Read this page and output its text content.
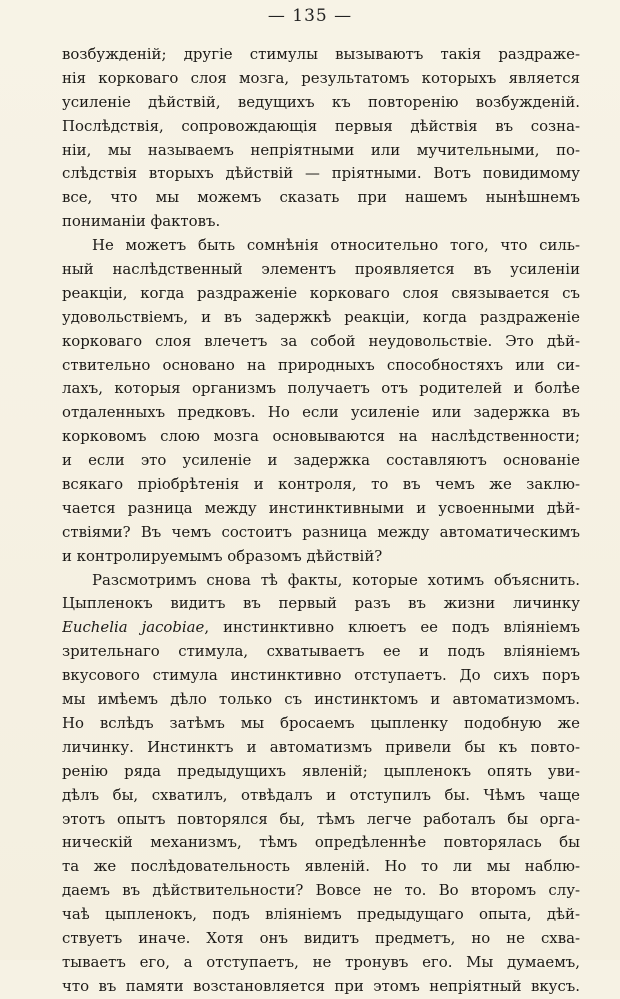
— 135 —
возбужденій; другіе стимулы вызываютъ такія раздраже-
нія корковаго слоя мозга, результатомъ которыхъ является
усиленіе дѣйствій, ведущихъ къ повторенію возбужденій.
Послѣдствія, сопровождающія первыя дѣйствія въ созна-
ніи, мы называемъ непріятными или мучительными, по-
слѣдствія вторыхъ дѣйствій — пріятными. Вотъ повидимому
все, что мы можемъ сказать при нашемъ нынѣшнемъ
пониманіи фактовъ.
Не можетъ быть сомнѣнія относительно того, что силь-
ный наслѣдственный элементъ проявляется въ усиленіи
реакціи, когда раздраженіе корковаго слоя связывается съ
удовольствіемъ, и въ задержкѣ реакціи, когда раздраженіе
корковаго слоя влечетъ за собой неудовольствіе. Это дѣй-
ствительно основано на природныхъ способностяхъ или си-
лахъ, которыя организмъ получаетъ отъ родителей и болѣе
отдаленныхъ предковъ. Но если усиленіе или задержка въ
корковомъ слою мозга основываются на наслѣдственности;
и если это усиленіе и задержка составляютъ основаніе
всякаго пріобрѣтенія и контроля, то въ чемъ же заклю-
чается разница между инстинктивными и усвоенными дѣй-
ствіями? Въ чемъ состоитъ разница между автоматическимъ
и контролируемымъ образомъ дѣйствій?
Разсмотримъ снова тѣ факты, которые хотимъ объяснить.
Цыпленокъ видитъ въ первый разъ въ жизни личинку
Euchelia jacobiae, инстинктивно клюетъ ее подъ вліяніемъ
зрительнаго стимула, схватываетъ ее и подъ вліяніемъ
вкусового стимула инстинктивно отступаетъ. До сихъ поръ
мы имѣемъ дѣло только съ инстинктомъ и автоматизмомъ.
Но вслѣдъ затѣмъ мы бросаемъ цыпленку подобную же
личинку. Инстинктъ и автоматизмъ привели бы къ повто-
ренію ряда предыдущихъ явленій; цыпленокъ опять уви-
дѣлъ бы, схватилъ, отвѣдалъ и отступилъ бы. Чѣмъ чаще
этотъ опытъ повторялся бы, тѣмъ легче работалъ бы орга-
ническій механизмъ, тѣмъ опредѣленнѣе повторялась бы
та же послѣдовательность явленій. Но то ли мы наблю-
даемъ въ дѣйствительности? Вовсе не то. Во второмъ слу-
чаѣ цыпленокъ, подъ вліяніемъ предыдущаго опыта, дѣй-
ствуетъ иначе. Хотя онъ видитъ предметъ, но не схва-
тываетъ его, а отступаетъ, не тронувъ его. Мы думаемъ,
что въ памяти возстановляется при этомъ непріятный вкусъ.
